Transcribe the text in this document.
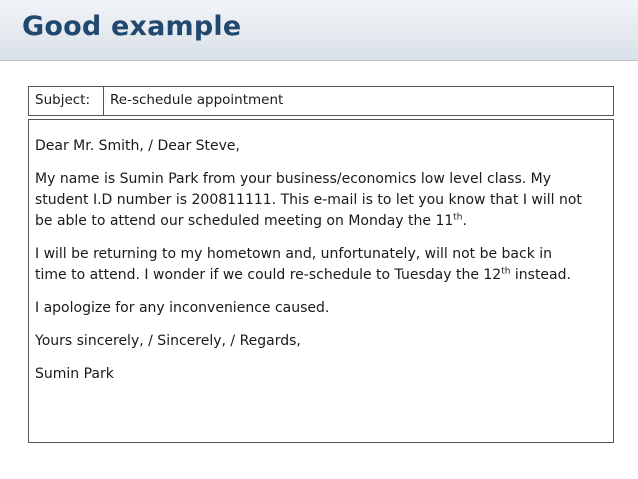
Good example
Subject:	Re-schedule appointment

Dear Mr. Smith, / Dear Steve,

My name is Sumin Park from your business/economics low level class. My
student I.D number is 200811111. This e-mail is to let you know that I will not
be able to attend our scheduled meeting on Monday the 11th.

I will be returning to my hometown and, unfortunately, will not be back in
time to attend. I wonder if we could re-schedule to Tuesday the 12th instead.

I apologize for any inconvenience caused.

Yours sincerely, / Sincerely, / Regards,

Sumin Park
